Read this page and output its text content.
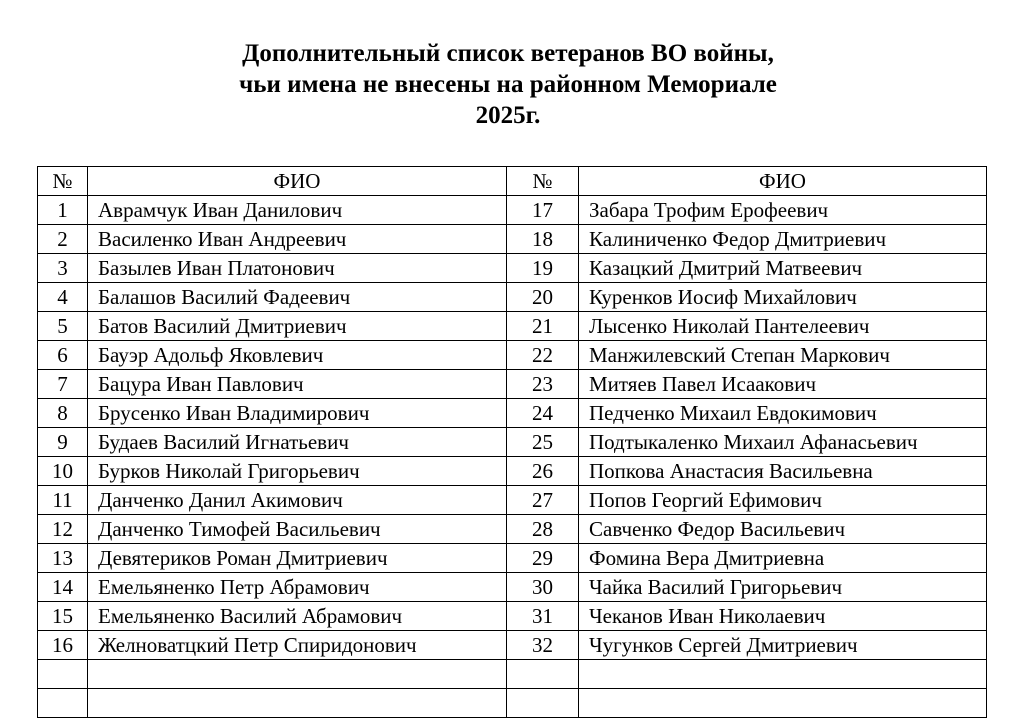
Дополнительный список ветеранов ВО войны,
чьи имена не внесены на районном Мемориале
2025г.
№	ФИО	№	ФИО
1	Аврамчук Иван Данилович	17	Забара Трофим Ерофеевич
2	Василенко Иван Андреевич	18	Калиниченко Федор Дмитриевич
3	Базылев Иван Платонович	19	Казацкий Дмитрий Матвеевич
4	Балашов Василий Фадеевич	20	Куренков Иосиф Михайлович
5	Батов Василий Дмитриевич	21	Лысенко Николай Пантелеевич
6	Бауэр Адольф Яковлевич	22	Манжилевский Степан Маркович
7	Бацура Иван Павлович	23	Митяев Павел Исаакович
8	Брусенко Иван Владимирович	24	Педченко Михаил Евдокимович
9	Будаев Василий Игнатьевич	25	Подтыкаленко Михаил Афанасьевич
10	Бурков Николай Григорьевич	26	Попкова Анастасия Васильевна
11	Данченко Данил Акимович	27	Попов Георгий Ефимович
12	Данченко Тимофей Васильевич	28	Савченко Федор Васильевич
13	Девятериков Роман Дмитриевич	29	Фомина Вера Дмитриевна
14	Емельяненко Петр Абрамович	30	Чайка Василий Григорьевич
15	Емельяненко Василий Абрамович	31	Чеканов Иван Николаевич
16	Желноватцкий Петр Спиридонович	32	Чугунков Сергей Дмитриевич
